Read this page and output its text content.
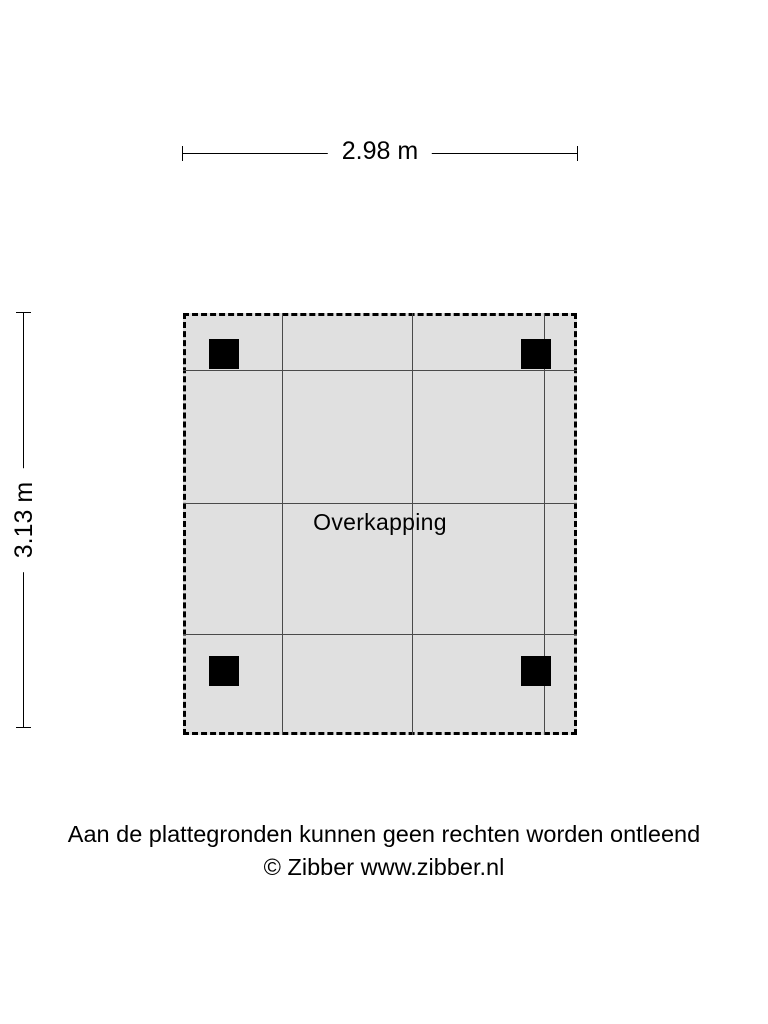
2.98 m
3.13 m	Overkapping
Aan de plattegronden kunnen geen rechten worden ontleend
© Zibber www.zibber.nl
